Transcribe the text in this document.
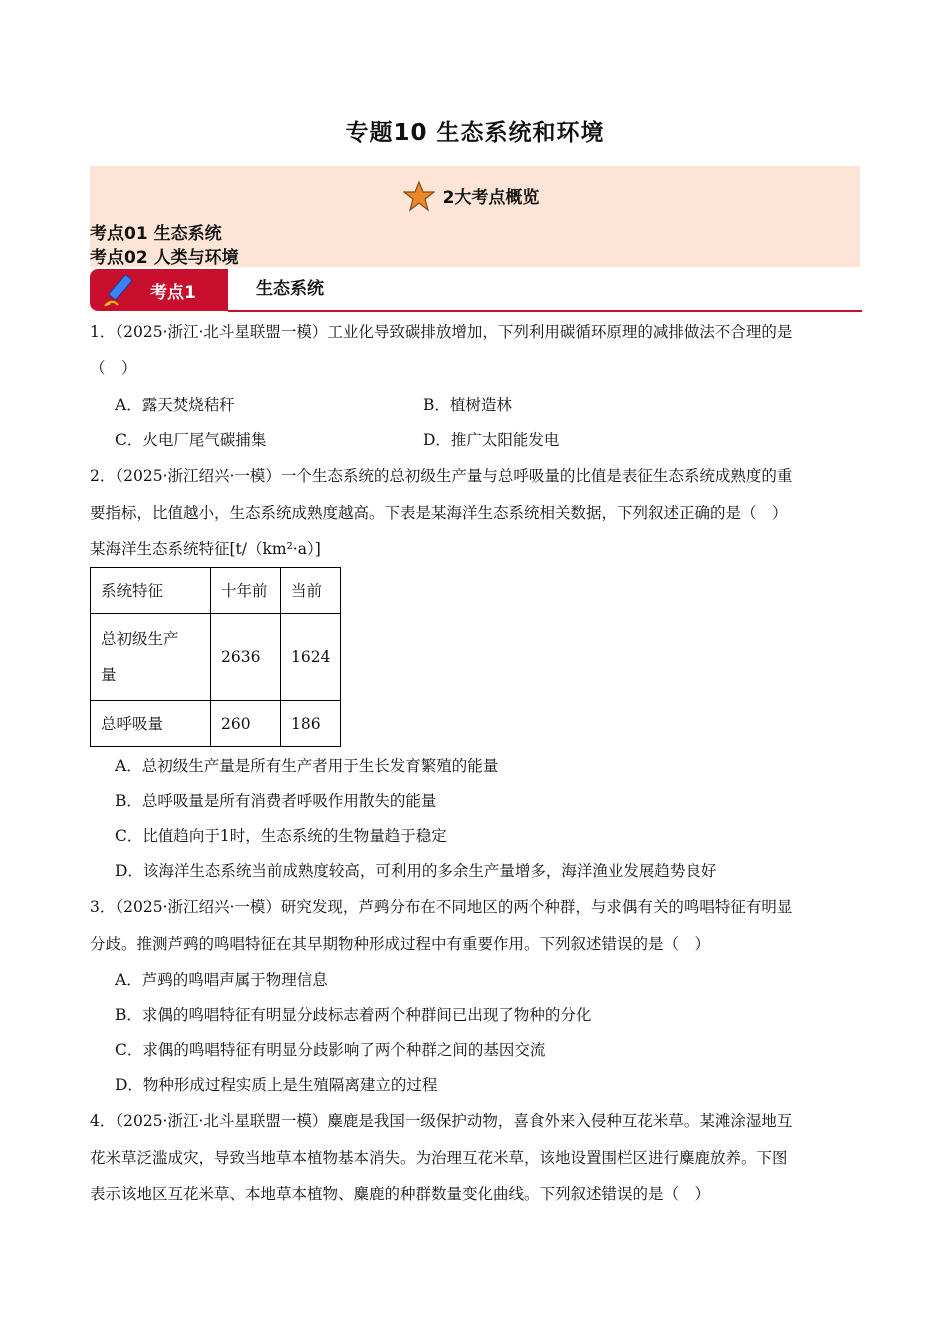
专题10 生态系统和环境
2大考点概览
考点01 生态系统
考点02 人类与环境
考点1	生态系统
1．（2025·浙江·北斗星联盟一模）工业化导致碳排放增加，下列利用碳循环原理的减排做法不合理的是
（　）
A．露天焚烧秸秆	B．植树造林
C．火电厂尾气碳捕集	D．推广太阳能发电
2．（2025·浙江绍兴·一模）一个生态系统的总初级生产量与总呼吸量的比值是表征生态系统成熟度的重
要指标，比值越小，生态系统成熟度越高。下表是某海洋生态系统相关数据，下列叙述正确的是（　）
某海洋生态系统特征[t/（km²·a）]
系统特征	十年前	当前

总初级生产
量	2636	1624
总呼吸量	260	186
A．总初级生产量是所有生产者用于生长发育繁殖的能量
B．总呼吸量是所有消费者呼吸作用散失的能量
C．比值趋向于1时，生态系统的生物量趋于稳定
D．该海洋生态系统当前成熟度较高，可利用的多余生产量增多，海洋渔业发展趋势良好
3．（2025·浙江绍兴·一模）研究发现，芦鹀分布在不同地区的两个种群，与求偶有关的鸣唱特征有明显
分歧。推测芦鹀的鸣唱特征在其早期物种形成过程中有重要作用。下列叙述错误的是（　）
A．芦鹀的鸣唱声属于物理信息
B．求偶的鸣唱特征有明显分歧标志着两个种群间已出现了物种的分化
C．求偶的鸣唱特征有明显分歧影响了两个种群之间的基因交流
D．物种形成过程实质上是生殖隔离建立的过程
4．（2025·浙江·北斗星联盟一模）麋鹿是我国一级保护动物，喜食外来入侵种互花米草。某滩涂湿地互
花米草泛滥成灾，导致当地草本植物基本消失。为治理互花米草，该地设置围栏区进行麋鹿放养。下图
表示该地区互花米草、本地草本植物、麋鹿的种群数量变化曲线。下列叙述错误的是（　）
